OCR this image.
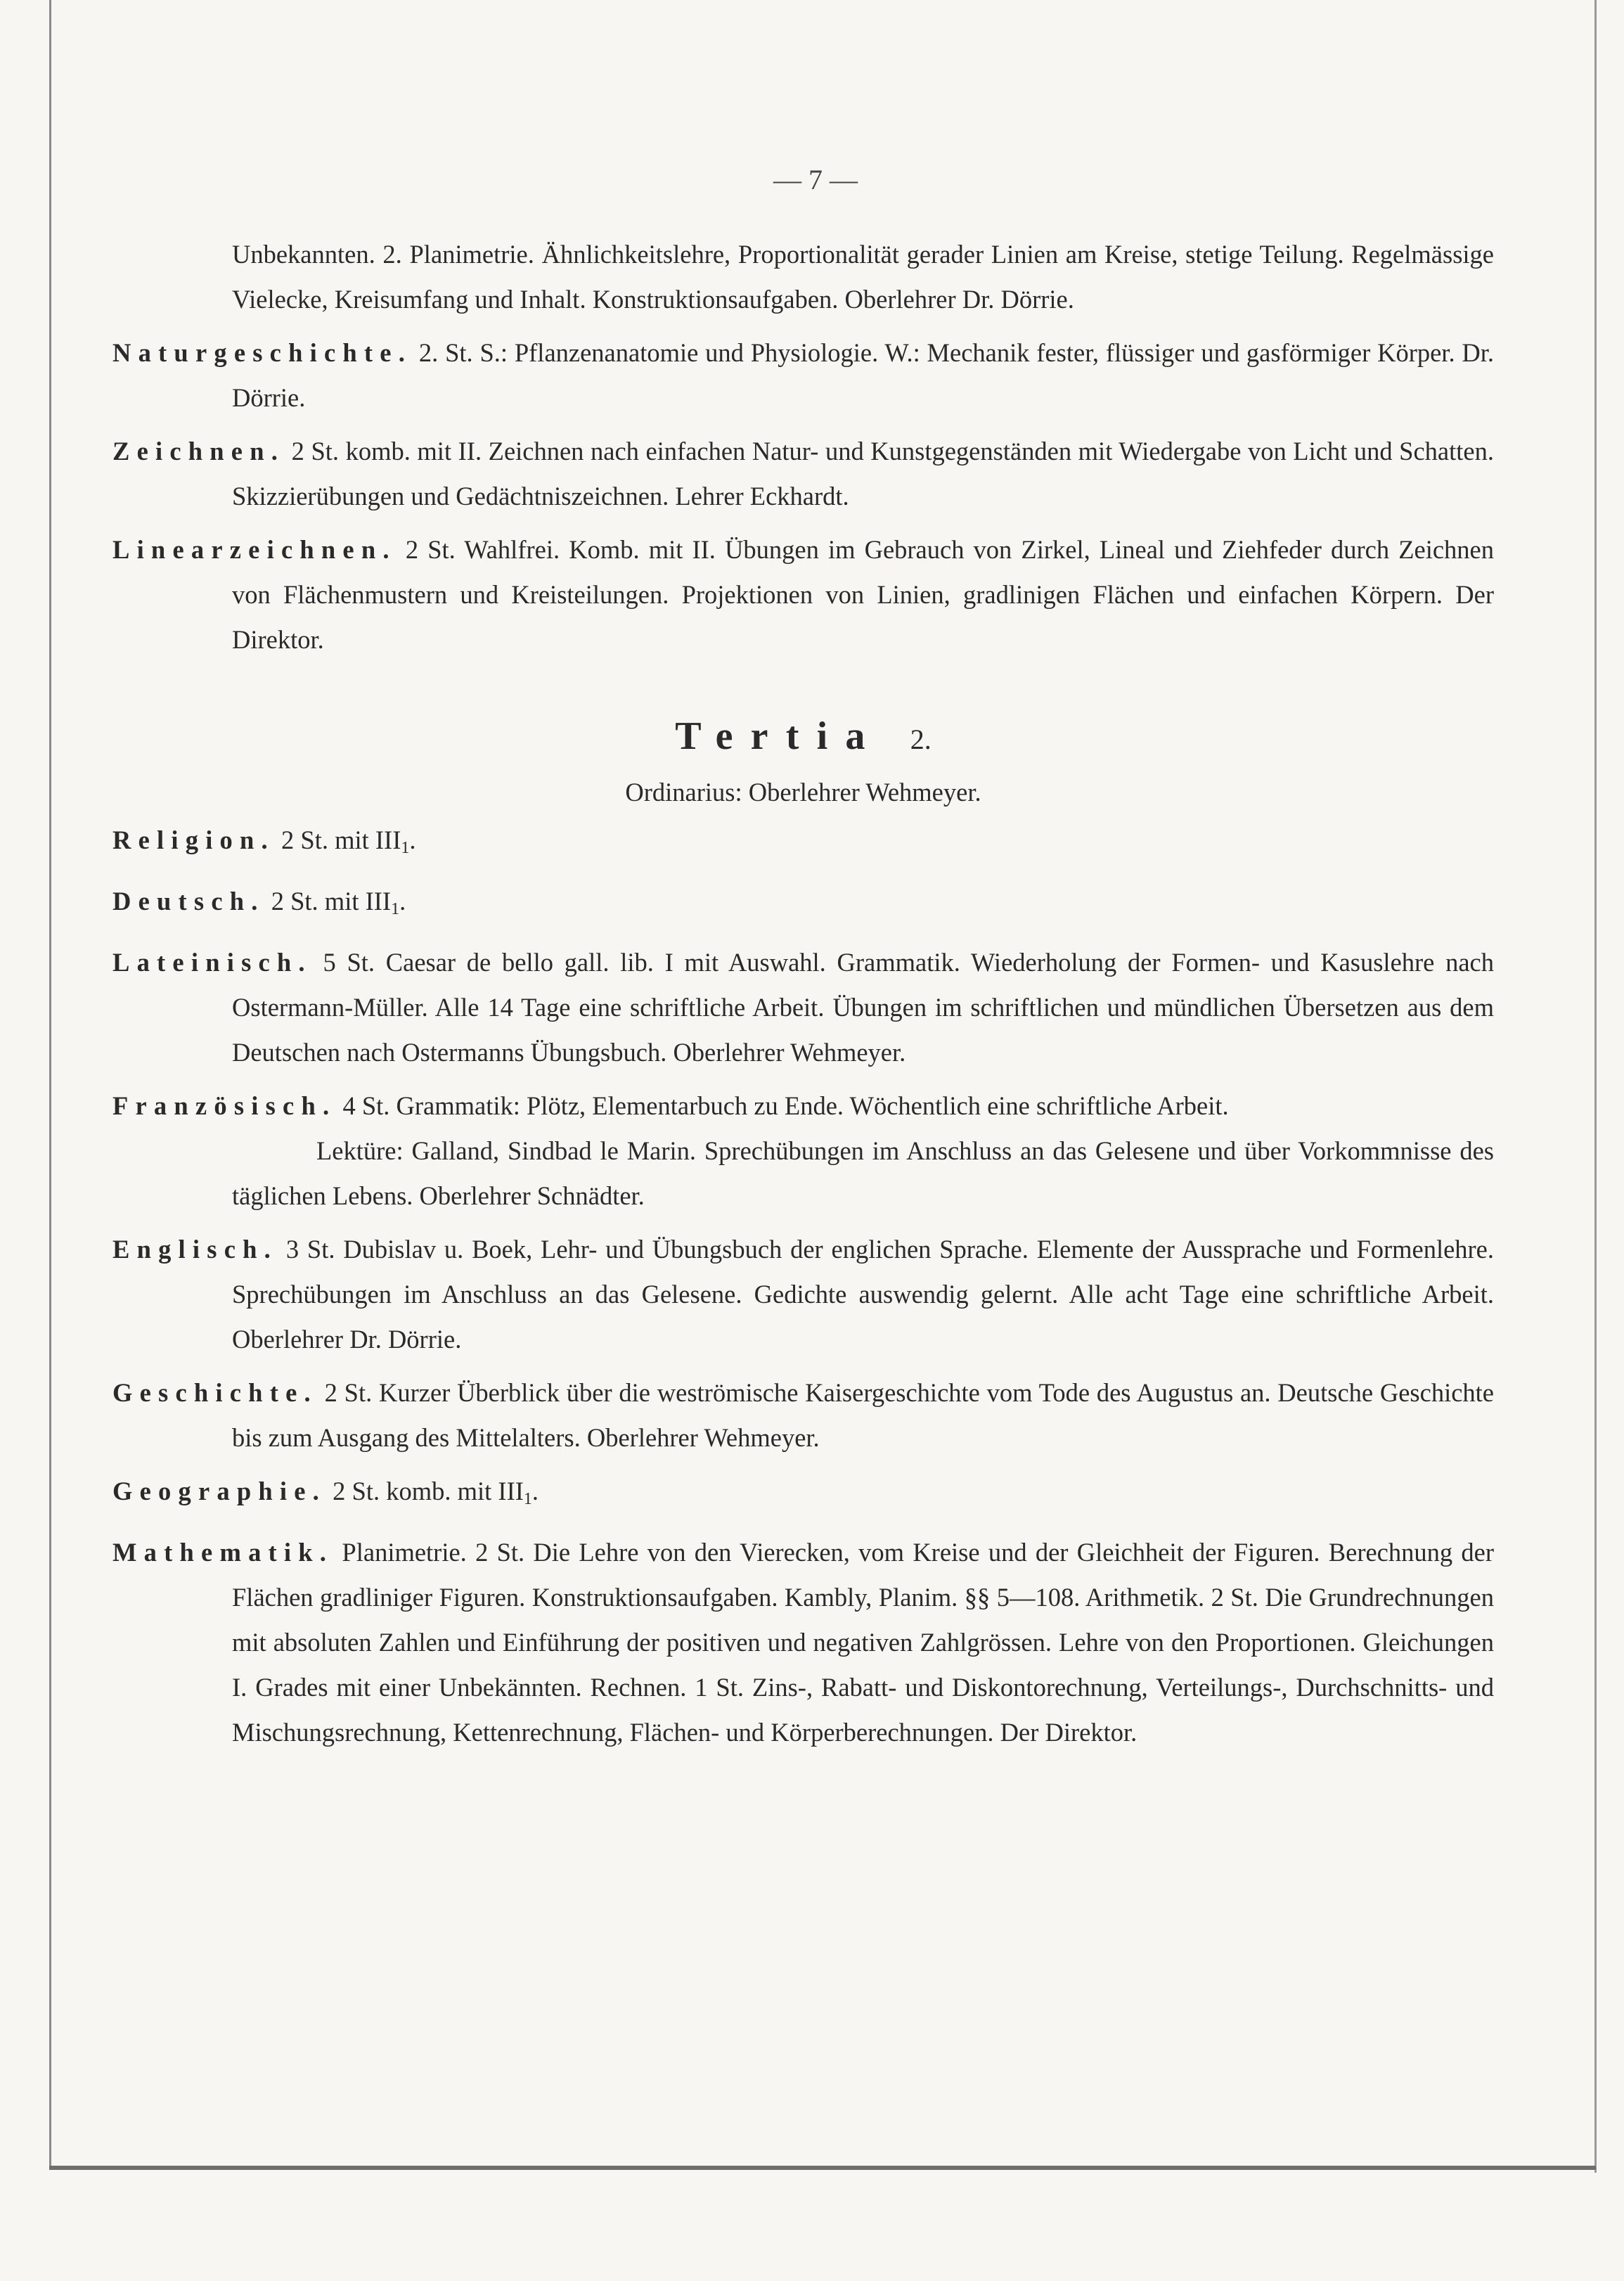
— 7 —

Unbekannten. 2. Planimetrie. Ähnlichkeitslehre, Proportionalität gerader Linien am Kreise, stetige Teilung. Regelmässige Vielecke, Kreisumfang und Inhalt. Konstruktionsaufgaben. Oberlehrer Dr. Dörrie.

Naturgeschichte. 2. St. S.: Pflanzenanatomie und Physiologie. W.: Mechanik fester, flüssiger und gasförmiger Körper. Dr. Dörrie.

Zeichnen. 2 St. komb. mit II. Zeichnen nach einfachen Natur- und Kunstgegenständen mit Wiedergabe von Licht und Schatten. Skizzierübungen und Gedächtniszeichnen. Lehrer Eckhardt.

Linearzeichnen. 2 St. Wahlfrei. Komb. mit II. Übungen im Gebrauch von Zirkel, Lineal und Ziehfeder durch Zeichnen von Flächenmustern und Kreisteilungen. Projektionen von Linien, gradlinigen Flächen und einfachen Körpern. Der Direktor.

Tertia 2.
Ordinarius: Oberlehrer Wehmeyer.

Religion. 2 St. mit $III_1$.

Deutsch. 2 St. mit $III_1$.

Lateinisch. 5 St. Caesar de bello gall. lib. I mit Auswahl. Grammatik. Wiederholung der Formen- und Kasuslehre nach Ostermann-Müller. Alle 14 Tage eine schriftliche Arbeit. Übungen im schriftlichen und mündlichen Übersetzen aus dem Deutschen nach Ostermanns Übungsbuch. Oberlehrer Wehmeyer.

Französisch. 4 St. Grammatik: Plötz, Elementarbuch zu Ende. Wöchentlich eine schriftliche Arbeit.
Lektüre: Galland, Sindbad le Marin. Sprechübungen im Anschluss an das Gelesene und über Vorkommnisse des täglichen Lebens. Oberlehrer Schnädter.

Englisch. 3 St. Dubislav u. Boek, Lehr- und Übungsbuch der englichen Sprache. Elemente der Aussprache und Formenlehre. Sprechübungen im Anschluss an das Gelesene. Gedichte auswendig gelernt. Alle acht Tage eine schriftliche Arbeit. Oberlehrer Dr. Dörrie.

Geschichte. 2 St. Kurzer Überblick über die weströmische Kaisergeschichte vom Tode des Augustus an. Deutsche Geschichte bis zum Ausgang des Mittelalters. Oberlehrer Wehmeyer.

Geographie. 2 St. komb. mit $III_1$.

Mathematik. Planimetrie. 2 St. Die Lehre von den Vierecken, vom Kreise und der Gleichheit der Figuren. Berechnung der Flächen gradliniger Figuren. Konstruktionsaufgaben. Kambly, Planim. §§ 5—108. Arithmetik. 2 St. Die Grundrechnungen mit absoluten Zahlen und Einführung der positiven und negativen Zahlgrössen. Lehre von den Proportionen. Gleichungen I. Grades mit einer Unbekännten. Rechnen. 1 St. Zins-, Rabatt- und Diskontorechnung, Verteilungs-, Durchschnitts- und Mischungsrechnung, Kettenrechnung, Flächen- und Körperberechnungen. Der Direktor.
